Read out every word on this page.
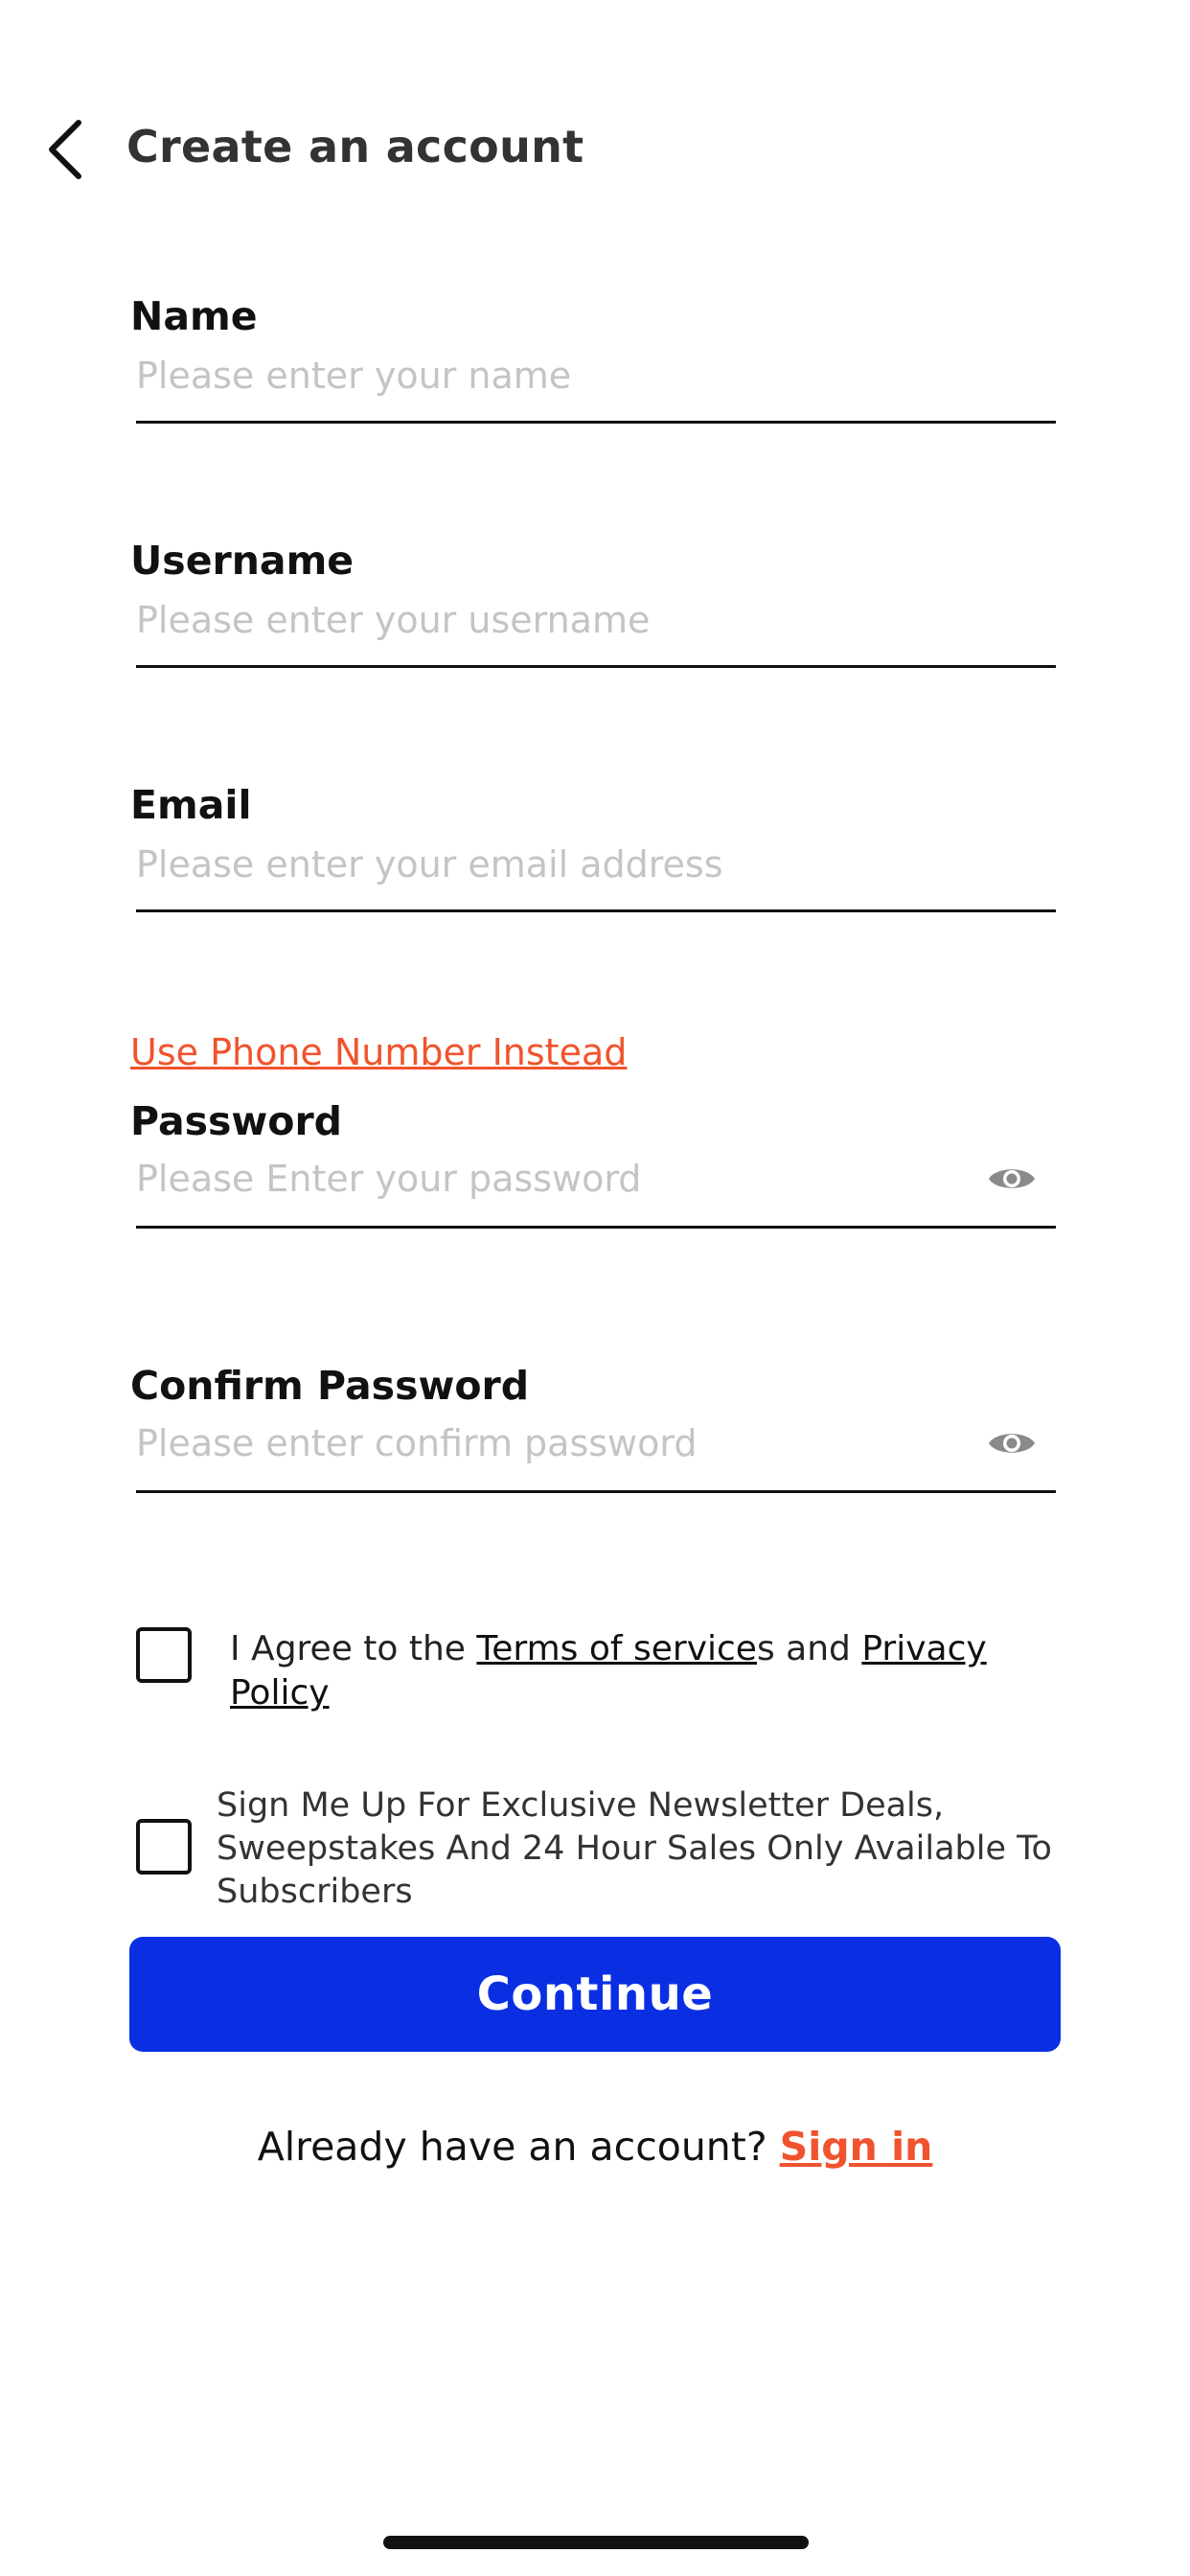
Create an account
Name
Please enter your name
Username
Please enter your username
Email
Please enter your email address
Use Phone Number Instead
Password
Confirm Password
I Agree to the Terms of services and Privacy Policy
Sign Me Up For Exclusive Newsletter Deals, Sweepstakes And 24 Hour Sales Only Available To Subscribers
Continue
Already have an account? Sign in
